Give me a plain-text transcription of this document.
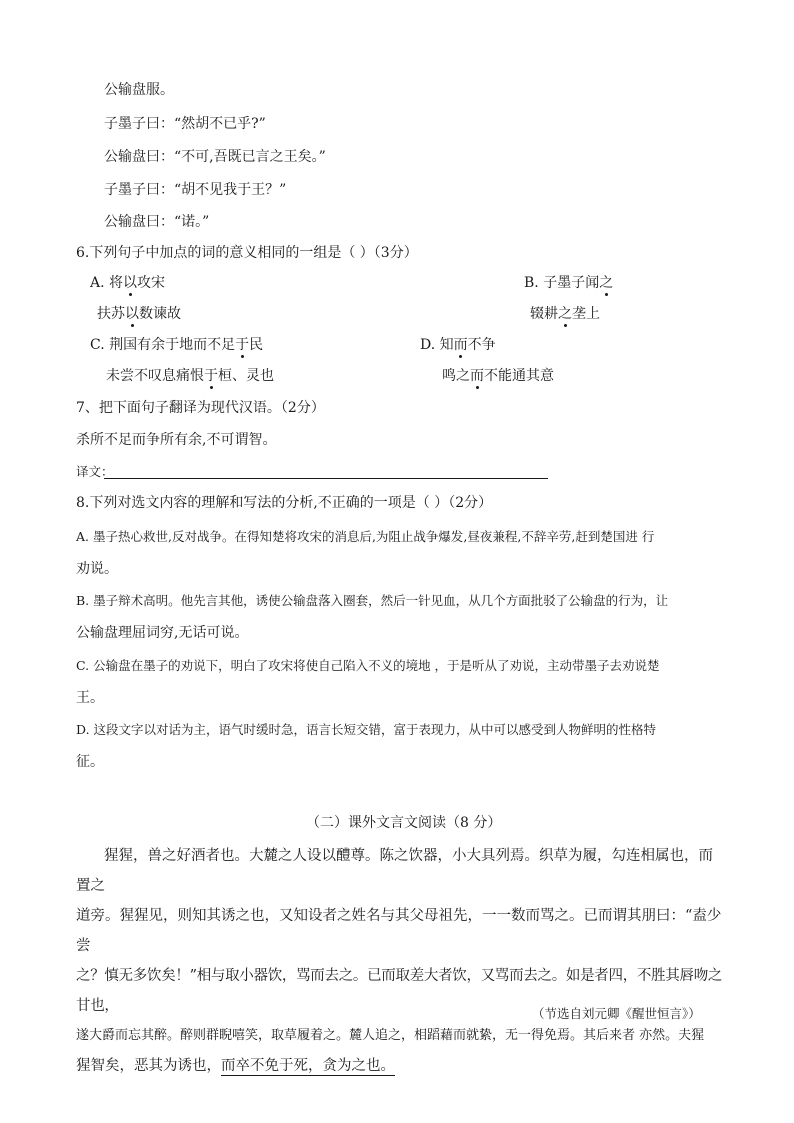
公输盘服。
子墨子曰：“然胡不已乎?”
公输盘曰：“不可,吾既已言之王矣。”
子墨子曰：“胡不见我于王？”
公输盘曰：“诺。”
6.下列句子中加点的词的意义相同的一组是（ ）（3分）
A. 将以攻宋
扶苏以数谏故
B. 子墨子闻之
辍耕之垄上
C. 荆国有余于地而不足于民
未尝不叹息痛恨于桓、灵也
D. 知而不争
鸣之而不能通其意
7、把下面句子翻译为现代汉语。（2分）
杀所不足而争所有余,不可谓智。
译文：
8.下列对选文内容的理解和写法的分析,不正确的一项是（ ）（2分）
A. 墨子热心救世,反对战争。在得知楚将攻宋的消息后,为阻止战争爆发,昼夜兼程,不辞辛劳,赶到楚国进 行
劝说。
B. 墨子辩术高明。他先言其他，诱使公输盘落入圈套，然后一针见血，从几个方面批驳了公输盘的行为，让
公输盘理屈词穷,无话可说。
C. 公输盘在墨子的劝说下，明白了攻宋将使自己陷入不义的境地 ，于是听从了劝说，主动带墨子去劝说楚
王。
D. 这段文字以对话为主，语气时缓时急，语言长短交错，富于表现力，从中可以感受到人物鲜明的性格特
征。
（二）课外文言文阅读（8 分）
猩猩，兽之好酒者也。大麓之人设以醴尊。陈之饮器，小大具列焉。织草为履，勾连相属也，而置之
道旁。猩猩见，则知其诱之也，又知设者之姓名与其父母祖先，一一数而骂之。已而谓其朋曰：“盍少尝
之？慎无多饮矣！”相与取小器饮，骂而去之。已而取差大者饮，又骂而去之。如是者四，不胜其唇吻之甘也，
遂大爵而忘其醉。醉则群睨嘻笑，取草履着之。麓人追之，相蹈藉而就絷，无一得免焉。其后来者 亦然。夫猩
猩智矣，恶其为诱也，而卒不免于死，贪为之也。
（节选自刘元卿《醒世恒言》）
